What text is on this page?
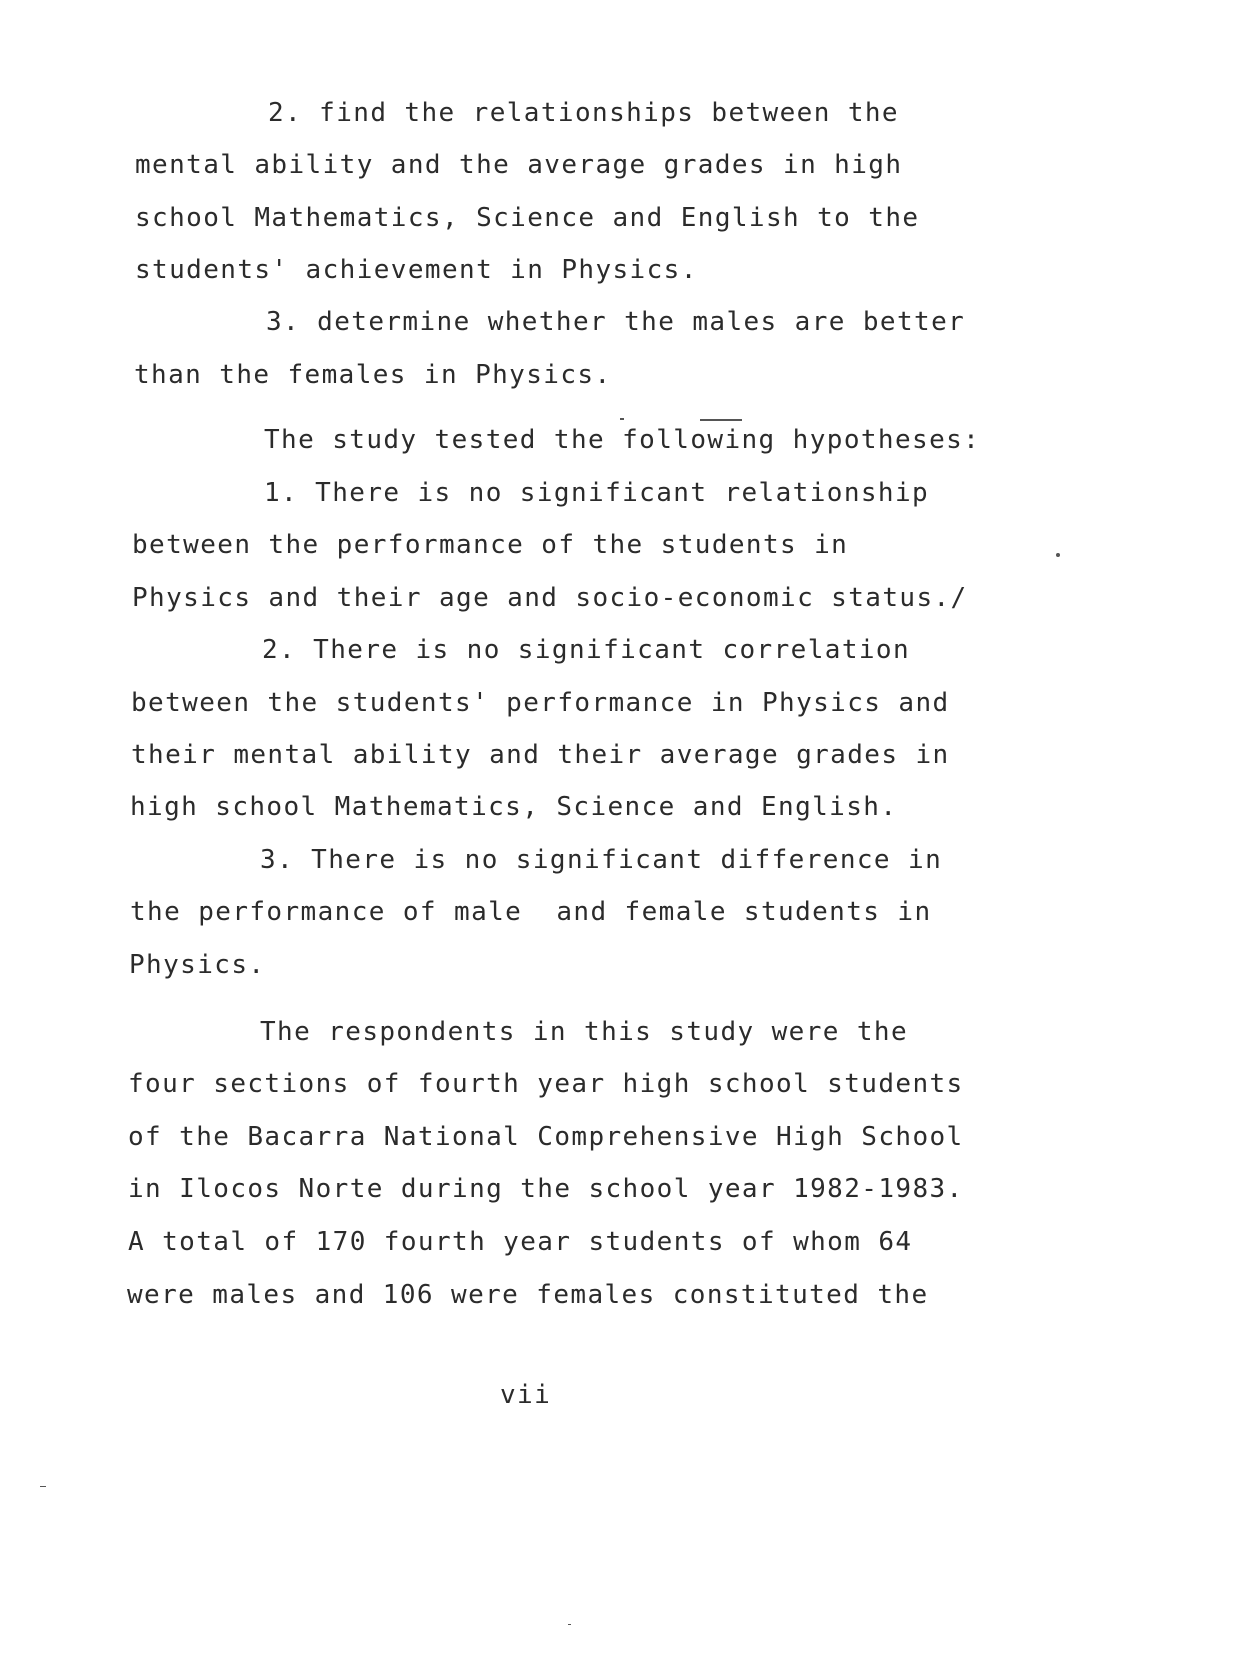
2. find the relationships between the
mental ability and the average grades in high
school Mathematics, Science and English to the
students' achievement in Physics.
3. determine whether the males are better
than the females in Physics.
The study tested the following hypotheses:
1. There is no significant relationship
between the performance of the students in
Physics and their age and socio-economic status./
2. There is no significant correlation
between the students' performance in Physics and
their mental ability and their average grades in
high school Mathematics, Science and English.
3. There is no significant difference in
the performance of male  and female students in
Physics.
The respondents in this study were the
four sections of fourth year high school students
of the Bacarra National Comprehensive High School
in Ilocos Norte during the school year 1982-1983.
A total of 170 fourth year students of whom 64
were males and 106 were females constituted the
vii
